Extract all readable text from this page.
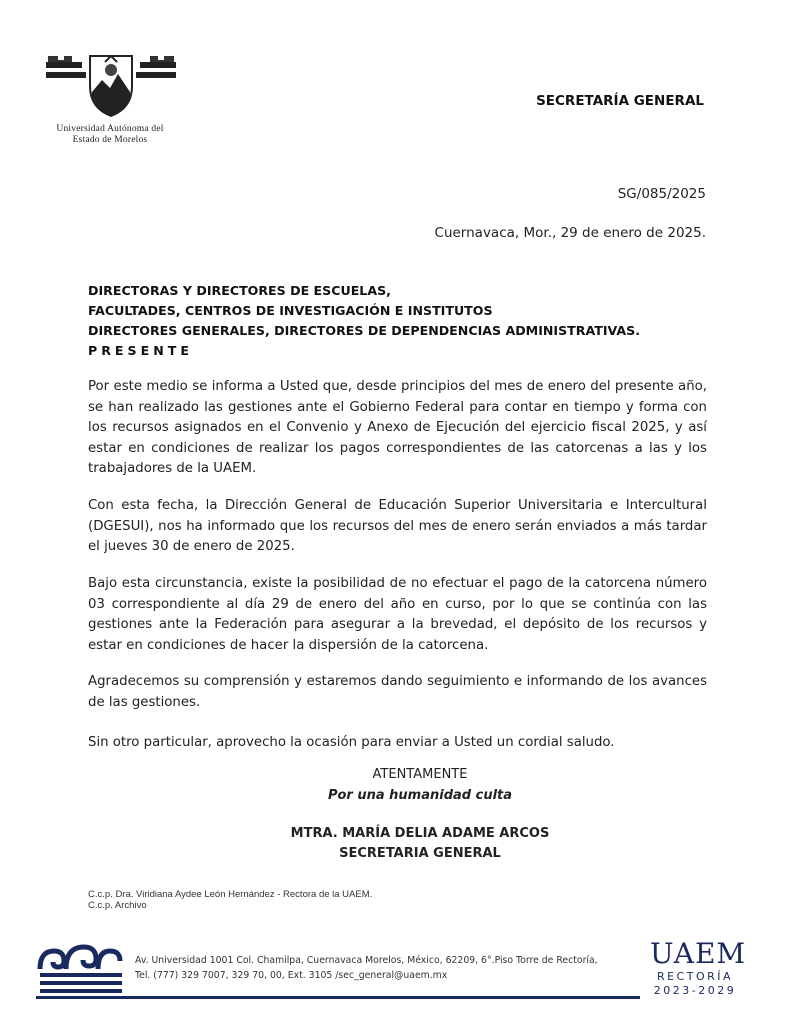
Universidad Autónoma del
Estado de Morelos
SECRETARÍA GENERAL
SG/085/2025
Cuernavaca, Mor., 29 de enero de 2025.
DIRECTORAS Y DIRECTORES DE ESCUELAS,
FACULTADES, CENTROS DE INVESTIGACIÓN E INSTITUTOS
DIRECTORES GENERALES, DIRECTORES DE DEPENDENCIAS ADMINISTRATIVAS.
PRESENTE

Por este medio se informa a Usted que, desde principios del mes de enero del presente año, se han realizado las gestiones ante el Gobierno Federal para contar en tiempo y forma con los recursos asignados en el Convenio y Anexo de Ejecución del ejercicio fiscal 2025, y así estar en condiciones de realizar los pagos correspondientes de las catorcenas a las y los trabajadores de la UAEM.

Con esta fecha, la Dirección General de Educación Superior Universitaria e Intercultural (DGESUI), nos ha informado que los recursos del mes de enero serán enviados a más tardar el jueves 30 de enero de 2025.

Bajo esta circunstancia, existe la posibilidad de no efectuar el pago de la catorcena número 03 correspondiente al día 29 de enero del año en curso, por lo que se continúa con las gestiones ante la Federación para asegurar a la brevedad, el depósito de los recursos y estar en condiciones de hacer la dispersión de la catorcena.

Agradecemos su comprensión y estaremos dando seguimiento e informando de los avances de las gestiones.

Sin otro particular, aprovecho la ocasión para enviar a Usted un cordial saludo.

ATENTAMENTE
Por una humanidad culta
MTRA. MARÍA DELIA ADAME ARCOS
SECRETARIA GENERAL
C.c.p. Dra. Viridiana Aydee León Hernández - Rectora de la UAEM.
C.c.p. Archivo
Av. Universidad 1001 Col. Chamilpa, Cuernavaca Morelos, México, 62209, 6°.Piso Torre de Rectoría,
Tel. (777) 329 7007, 329 70, 00, Ext. 3105 /sec_general@uaem.mx
UAEM
RECTORÍA
2023-2029
